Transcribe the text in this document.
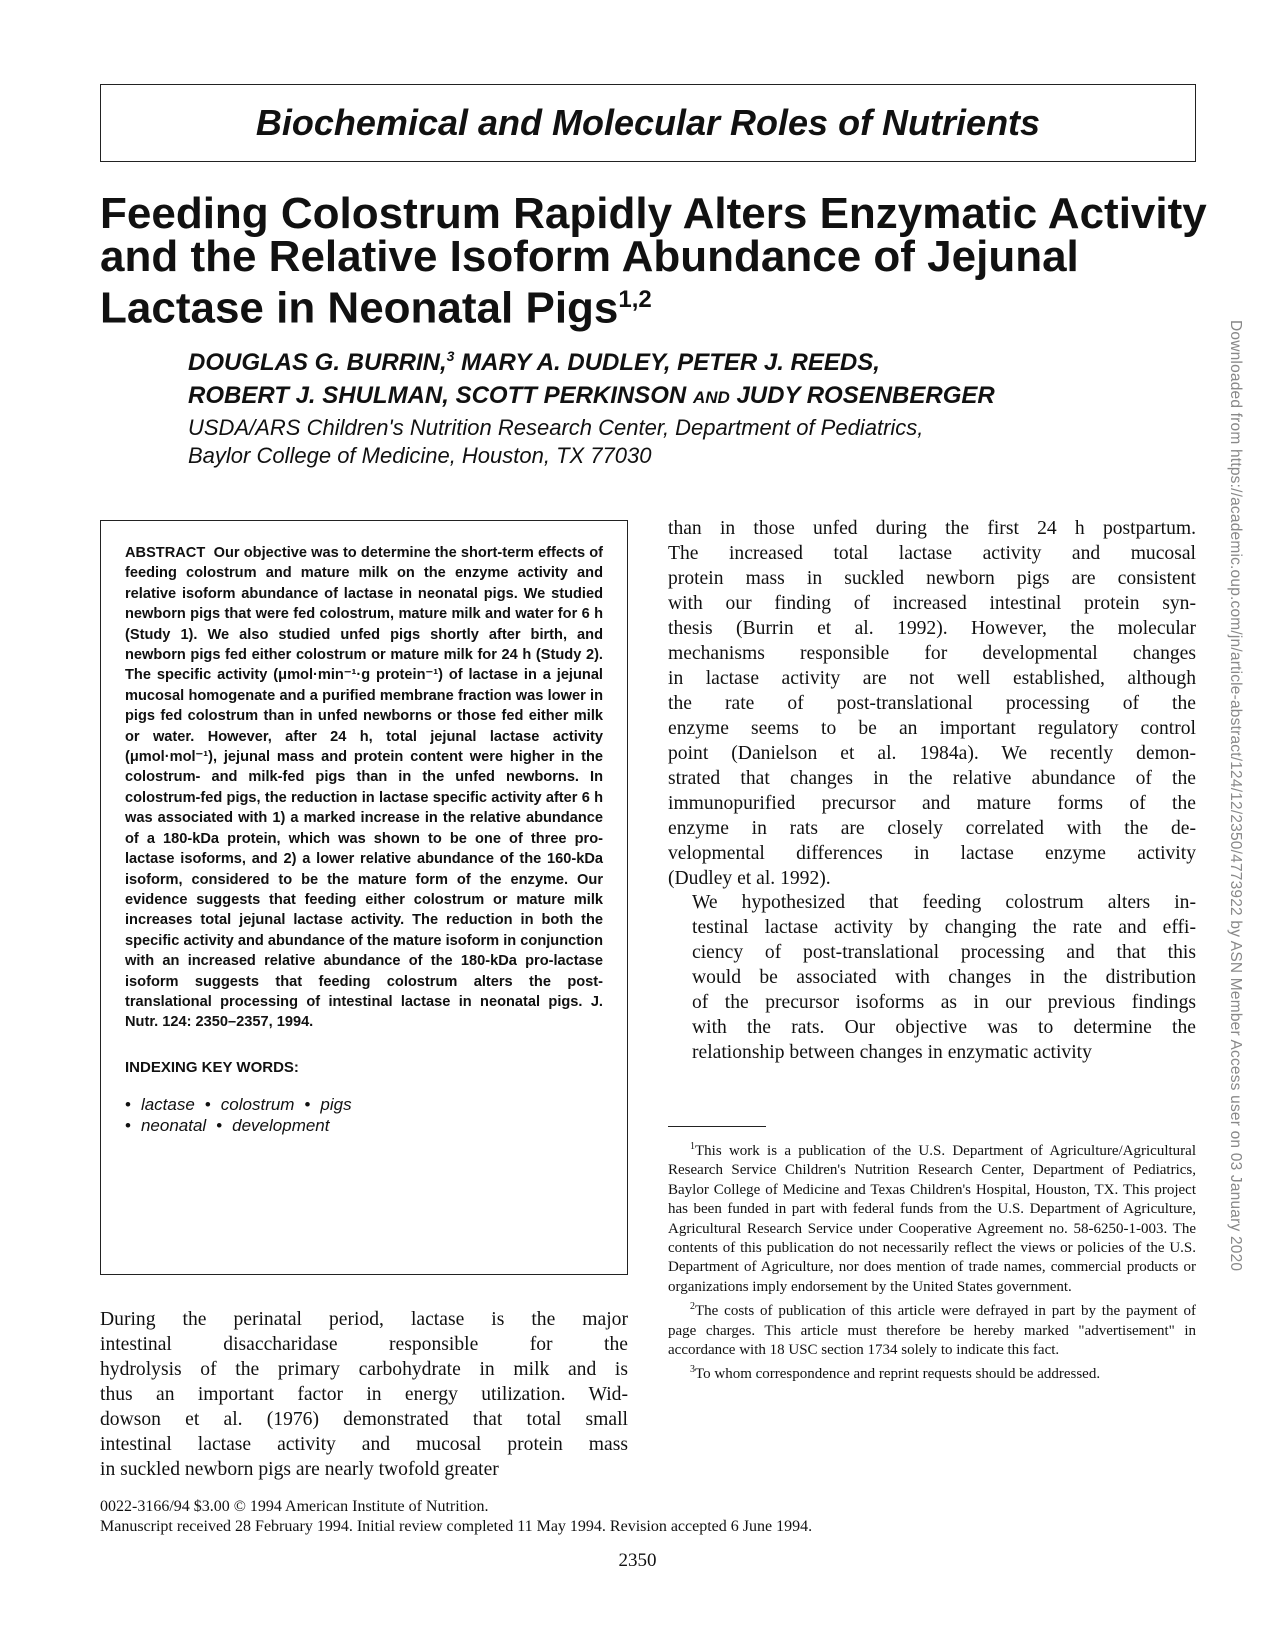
Biochemical and Molecular Roles of Nutrients
Feeding Colostrum Rapidly Alters Enzymatic Activity
and the Relative Isoform Abundance of Jejunal
Lactase in Neonatal Pigs$^{1,2}$
DOUGLAS G. BURRIN,$^3$ MARY A. DUDLEY, PETER J. REEDS,
ROBERT J. SHULMAN, SCOTT PERKINSON AND JUDY ROSENBERGER
USDA/ARS Children's Nutrition Research Center, Department of Pediatrics,
Baylor College of Medicine, Houston, TX 77030

ABSTRACT Our objective was to determine the short-term effects of feeding colostrum and mature milk on the enzyme activity and relative isoform abundance of lactase in neonatal pigs. We studied newborn pigs that were fed colostrum, mature milk and water for 6 h (Study 1). We also studied unfed pigs shortly after birth, and newborn pigs fed either colostrum or mature milk for 24 h (Study 2). The specific activity (μmol·min⁻¹·g protein⁻¹) of lactase in a jejunal mucosal homogenate and a purified membrane fraction was lower in pigs fed colostrum than in unfed newborns or those fed either milk or water. However, after 24 h, total jejunal lactase activity (μmol·mol⁻¹), jejunal mass and protein content were higher in the colostrum- and milk-fed pigs than in the unfed newborns. In colostrum-fed pigs, the reduction in lactase specific activity after 6 h was associated with 1) a marked increase in the relative abundance of a 180-kDa protein, which was shown to be one of three pro-lactase isoforms, and 2) a lower relative abundance of the 160-kDa isoform, considered to be the mature form of the enzyme. Our evidence suggests that feeding either colostrum or mature milk increases total jejunal lactase activity. The reduction in both the specific activity and abundance of the mature isoform in conjunction with an increased relative abundance of the 180-kDa pro-lactase isoform suggests that feeding colostrum alters the post-translational processing of intestinal lactase in neonatal pigs. J. Nutr. 124: 2350–2357, 1994.

INDEXING KEY WORDS:
• lactase • colostrum • pigs
• neonatal • development
During the perinatal period, lactase is the major
intestinal disaccharidase responsible for the
hydrolysis of the primary carbohydrate in milk and is
thus an important factor in energy utilization. Wid-
dowson et al. (1976) demonstrated that total small
intestinal lactase activity and mucosal protein mass
in suckled newborn pigs are nearly twofold greater
than in those unfed during the first 24 h postpartum.
The increased total lactase activity and mucosal
protein mass in suckled newborn pigs are consistent
with our finding of increased intestinal protein syn-
thesis (Burrin et al. 1992). However, the molecular
mechanisms responsible for developmental changes
in lactase activity are not well established, although
the rate of post-translational processing of the
enzyme seems to be an important regulatory control
point (Danielson et al. 1984a). We recently demon-
strated that changes in the relative abundance of the
immunopurified precursor and mature forms of the
enzyme in rats are closely correlated with the de-
velopmental differences in lactase enzyme activity
(Dudley et al. 1992).
We hypothesized that feeding colostrum alters in-
testinal lactase activity by changing the rate and effi-
ciency of post-translational processing and that this
would be associated with changes in the distribution
of the precursor isoforms as in our previous findings
with the rats. Our objective was to determine the
relationship between changes in enzymatic activity

$^1$This work is a publication of the U.S. Department of Agriculture/Agricultural Research Service Children's Nutrition Research Center, Department of Pediatrics, Baylor College of Medicine and Texas Children's Hospital, Houston, TX. This project has been funded in part with federal funds from the U.S. Department of Agriculture, Agricultural Research Service under Cooperative Agreement no. 58-6250-1-003. The contents of this publication do not necessarily reflect the views or policies of the U.S. Department of Agriculture, nor does mention of trade names, commercial products or organizations imply endorsement by the United States government.

$^2$The costs of publication of this article were defrayed in part by the payment of page charges. This article must therefore be hereby marked "advertisement" in accordance with 18 USC section 1734 solely to indicate this fact.

$^3$To whom correspondence and reprint requests should be addressed.

0022-3166/94 $3.00 © 1994 American Institute of Nutrition.
Manuscript received 28 February 1994. Initial review completed 11 May 1994. Revision accepted 6 June 1994.
2350
Downloaded from https://academic.oup.com/jn/article-abstract/124/12/2350/4773922 by ASN Member Access user on 03 January 2020
